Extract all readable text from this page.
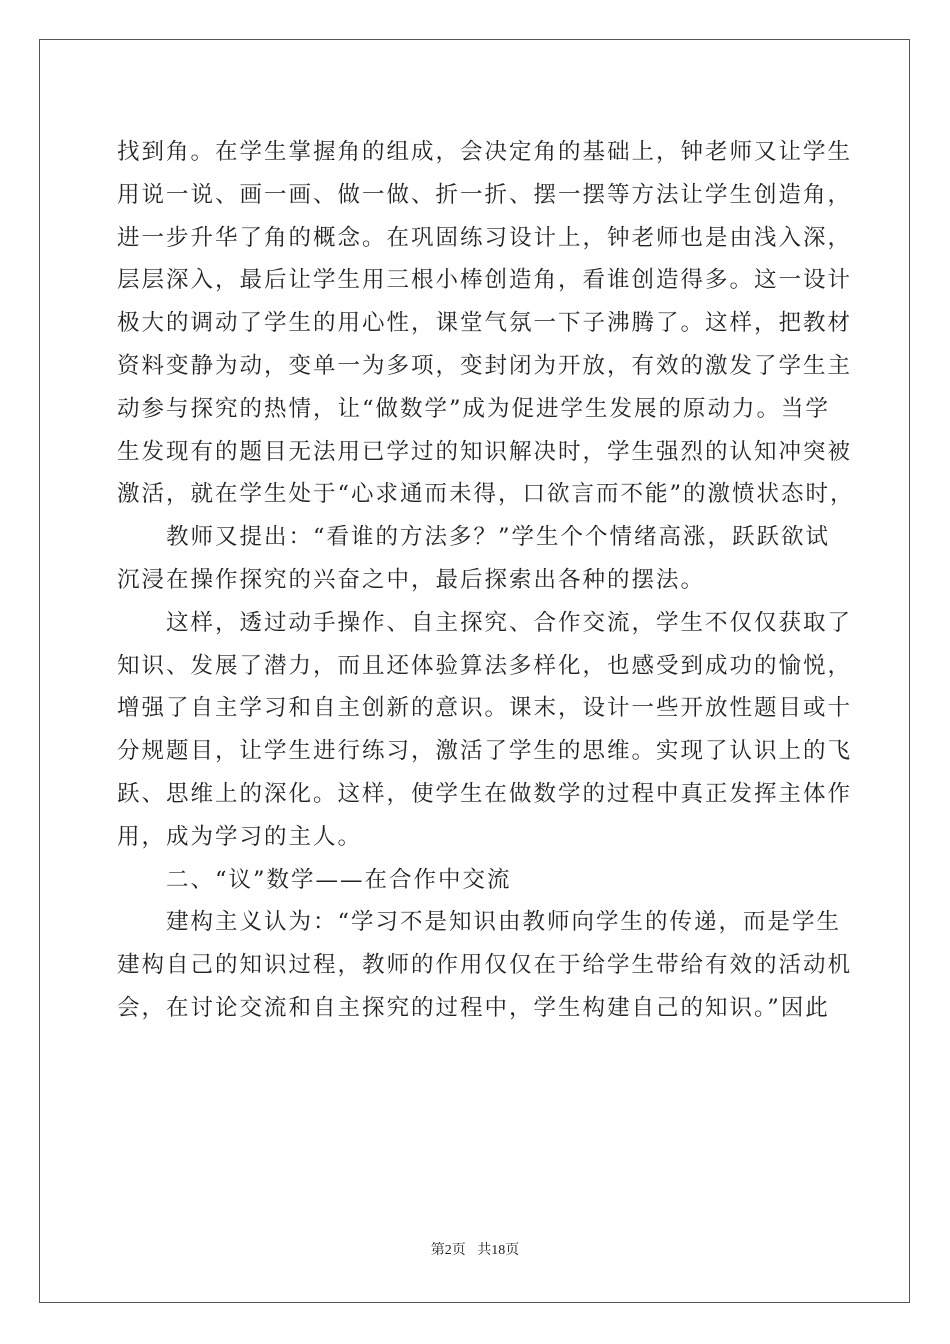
找到角。在学生掌握角的组成，会决定角的基础上，钟老师又让学生

用说一说、画一画、做一做、折一折、摆一摆等方法让学生创造角，

进一步升华了角的概念。在巩固练习设计上，钟老师也是由浅入深，

层层深入，最后让学生用三根小棒创造角，看谁创造得多。这一设计

极大的调动了学生的用心性，课堂气氛一下子沸腾了。这样，把教材

资料变静为动，变单一为多项，变封闭为开放，有效的激发了学生主

动参与探究的热情，让“做数学”成为促进学生发展的原动力。当学

生发现有的题目无法用已学过的知识解决时，学生强烈的认知冲突被

激活，就在学生处于“心求通而未得，口欲言而不能”的激愤状态时，

　　教师又提出：“看谁的方法多？”学生个个情绪高涨，跃跃欲试

沉浸在操作探究的兴奋之中，最后探索出各种的摆法。

　　这样，透过动手操作、自主探究、合作交流，学生不仅仅获取了

知识、发展了潜力，而且还体验算法多样化，也感受到成功的愉悦，

增强了自主学习和自主创新的意识。课末，设计一些开放性题目或十

分规题目，让学生进行练习，激活了学生的思维。实现了认识上的飞

跃、思维上的深化。这样，使学生在做数学的过程中真正发挥主体作

用，成为学习的主人。

　　二、“议”数学——在合作中交流

　　建构主义认为：“学习不是知识由教师向学生的传递，而是学生

建构自己的知识过程，教师的作用仅仅在于给学生带给有效的活动机

会，在讨论交流和自主探究的过程中，学生构建自己的知识。”因此

第2页 共18页
